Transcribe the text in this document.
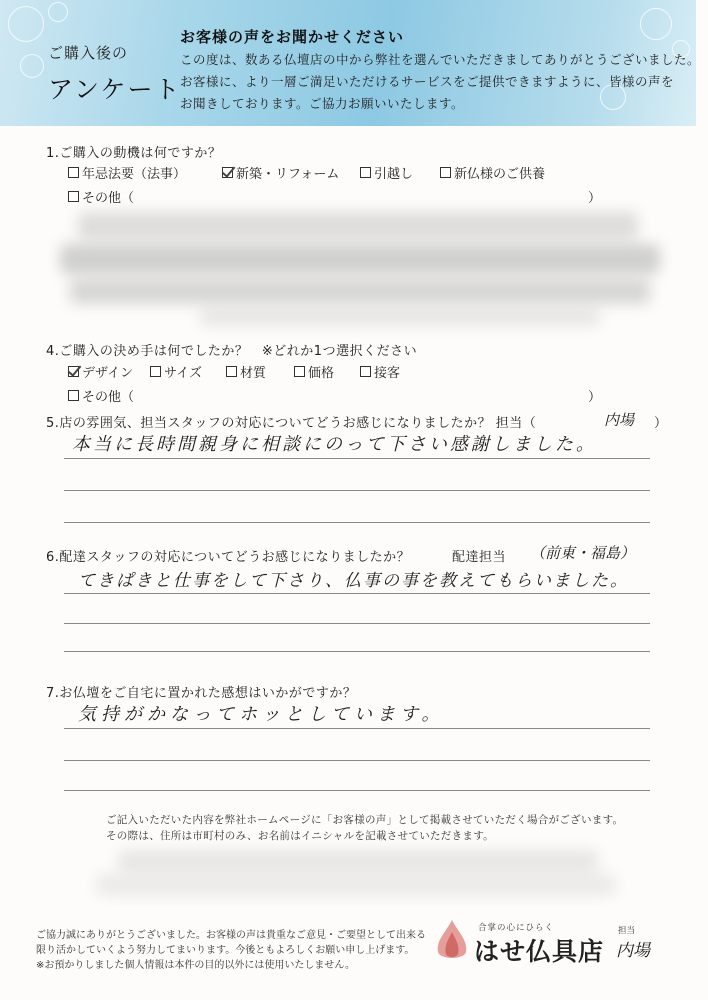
ご購入後の
アンケート
お客様の声をお聞かせください
この度は、数ある仏壇店の中から弊社を選んでいただきましてありがとうございました。
お客様に、より一層ご満足いただけるサービスをご提供できますように、皆様の声を
お聞きしております。ご協力お願いいたします。
1.ご購入の動機は何ですか？
年忌法要（法事）	新築・リフォーム	引越し	新仏様のご供養
その他（	）
4.ご購入の決め手は何でしたか？　※どれか1つ選択ください
デザイン サイズ	材質	価格	接客
その他（	）
5.店の雰囲気、担当スタッフの対応についてどうお感じになりましたか？ 担当（	内場 ）
本当に長時間親身に相談にのって下さい感謝しました。
6.配達スタッフの対応についてどうお感じになりましたか？	配達担当 （前東・福島）
てきぱきと仕事をして下さり、仏事の事を教えてもらいました。
7.お仏壇をご自宅に置かれた感想はいかがですか？
気持がかなってホッとしています。
ご記入いただいた内容を弊社ホームページに「お客様の声」として掲載させていただく場合がございます。
その際は、住所は市町村のみ、お名前はイニシャルを記載させていただきます。
ご協力誠にありがとうございました。お客様の声は貴重なご意見・ご要望として出来る
限り活かしていくよう努力してまいります。今後ともよろしくお願い申し上げます。
※お預かりしました個人情報は本件の目的以外には使用いたしません。
合掌の心にひらく
はせ仏具店
担当
内場
